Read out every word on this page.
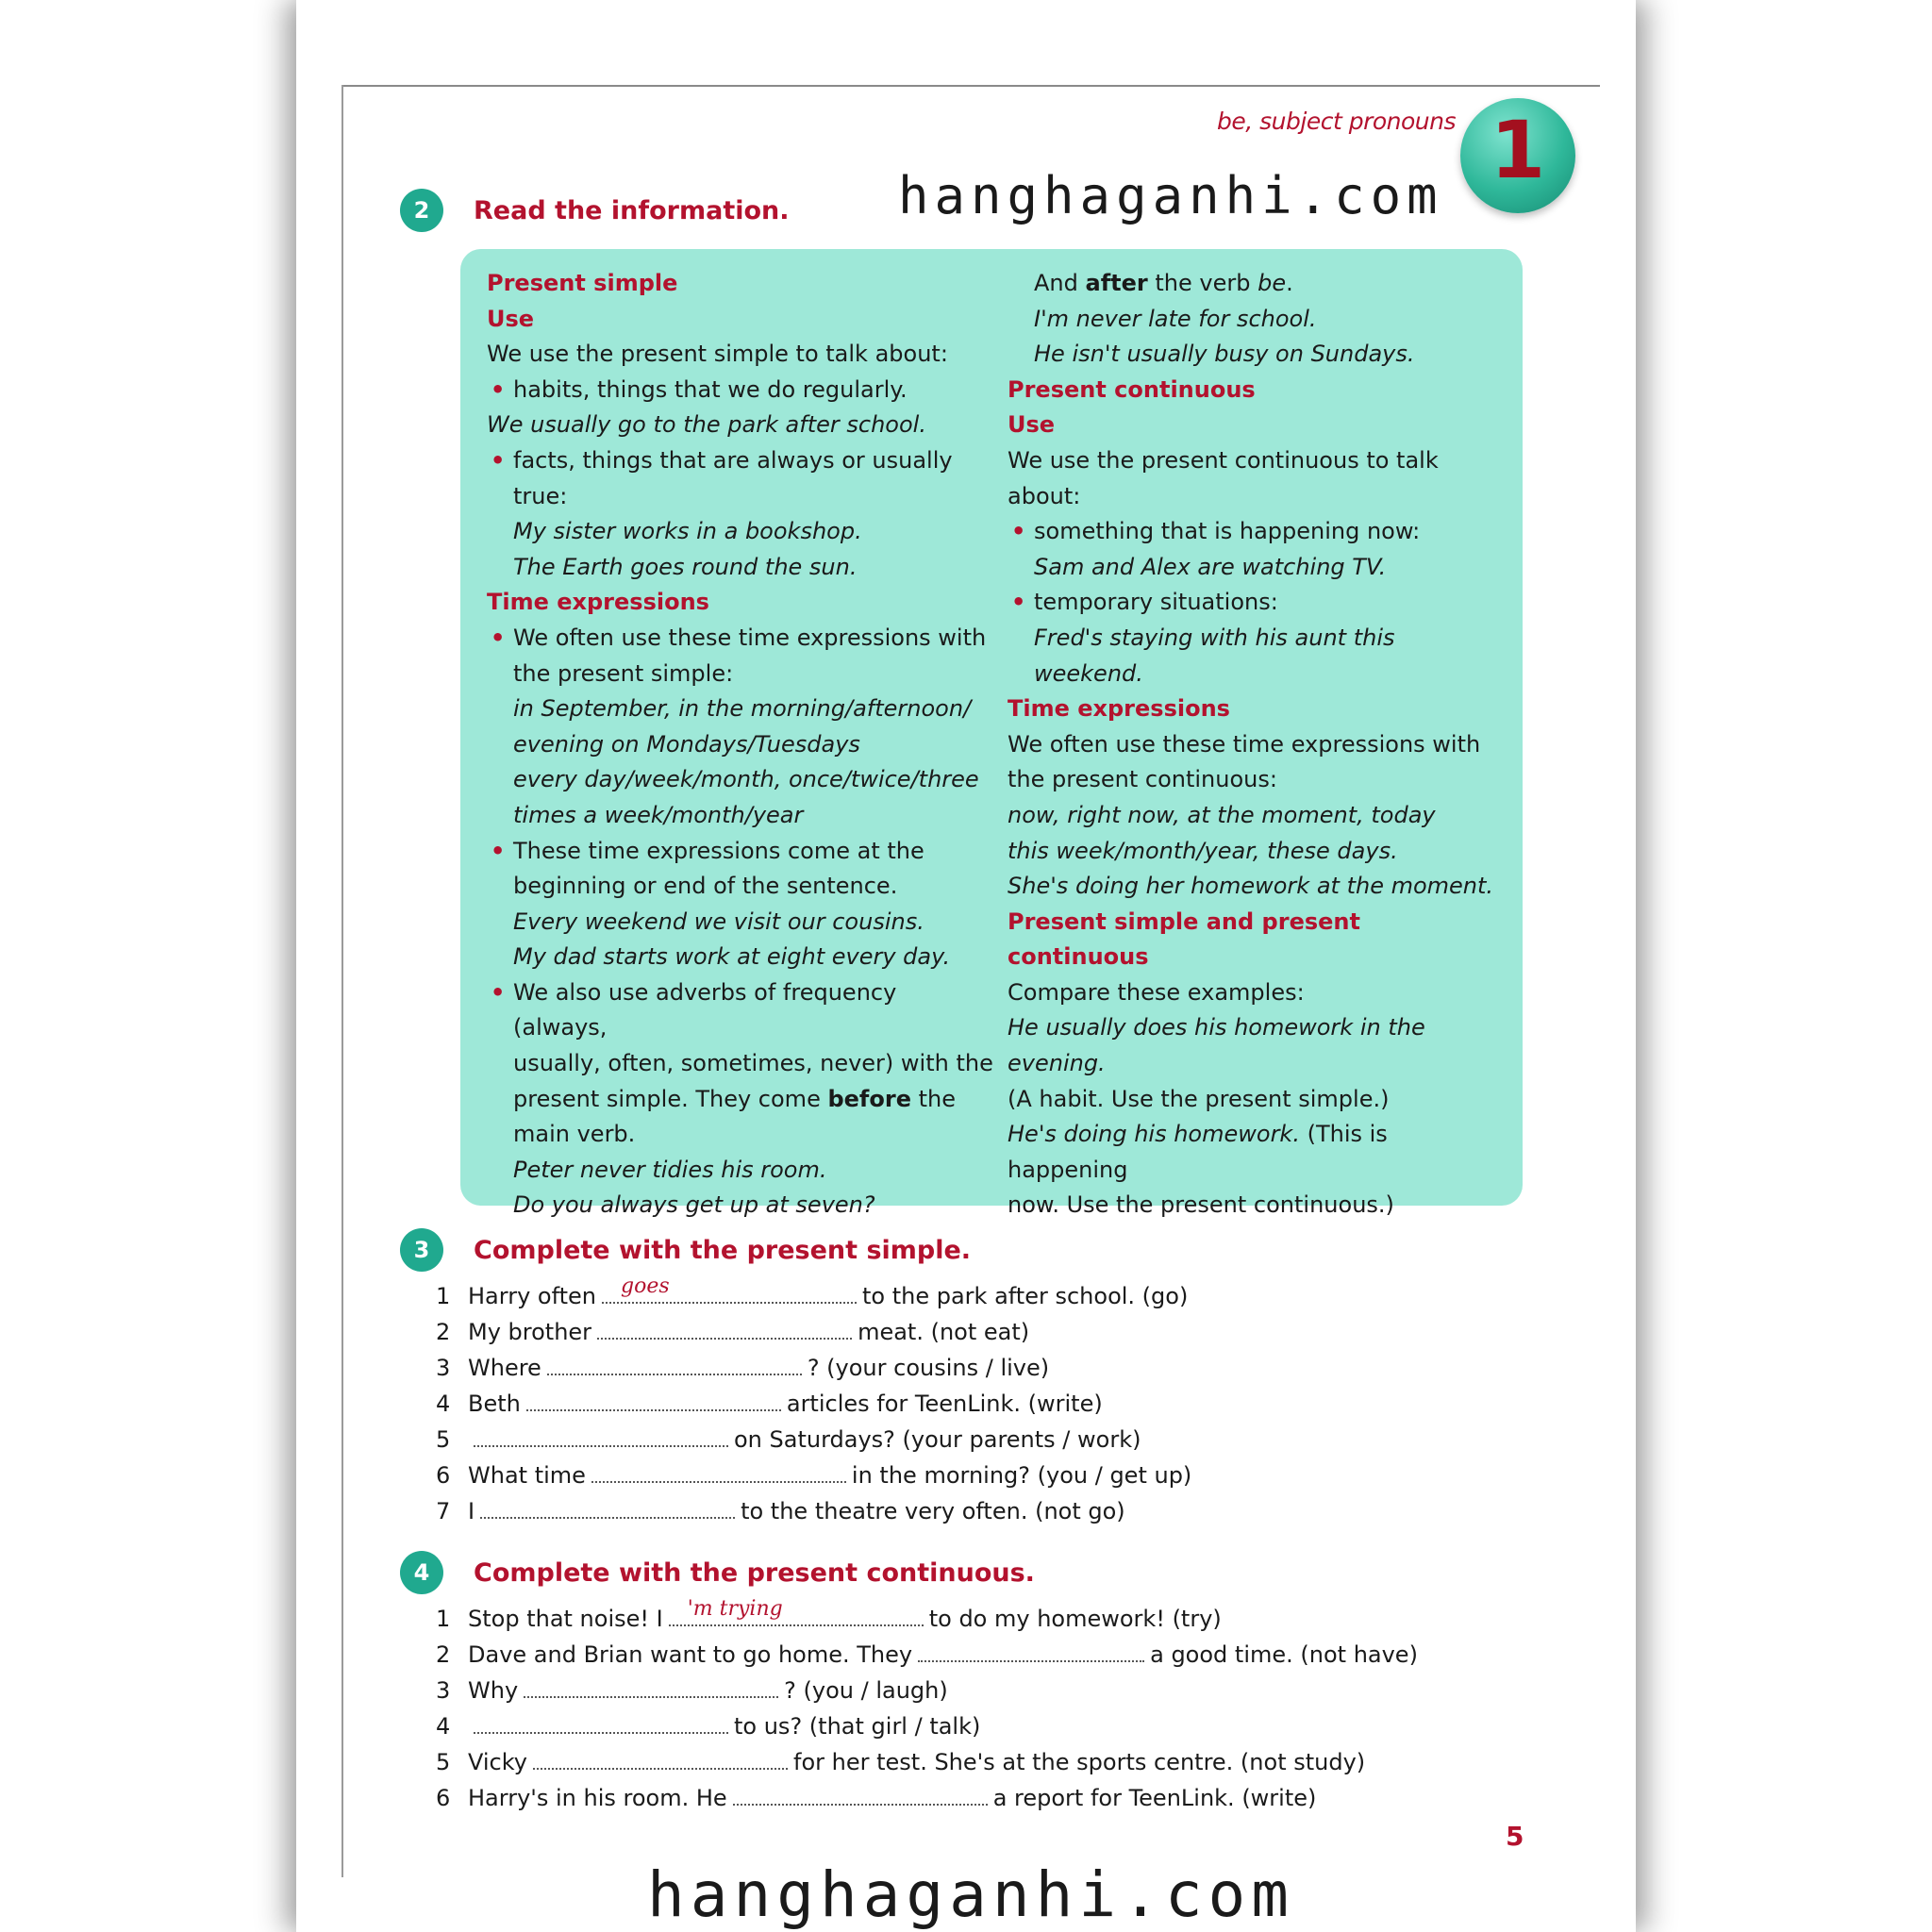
be, subject pronouns 1
hanghaganhi.com
2	Read the information.
Present simple
Use
We use the present simple to talk about:
• habits, things that we do regularly.
We usually go to the park after school.
• facts, things that are always or usually
true:
My sister works in a bookshop.
The Earth goes round the sun.
Time expressions
• We often use these time expressions with
the present simple:
in September, in the morning/afternoon/
evening on Mondays/Tuesdays
every day/week/month, once/twice/three
times a week/month/year
• These time expressions come at the
beginning or end of the sentence.
Every weekend we visit our cousins.
My dad starts work at eight every day.
• We also use adverbs of frequency (always,
usually, often, sometimes, never) with the
present simple. They come before the
main verb.
Peter never tidies his room.
Do you always get up at seven?
And after the verb be.
I'm never late for school.
He isn't usually busy on Sundays.
Present continuous
Use
We use the present continuous to talk
about:
• something that is happening now:
Sam and Alex are watching TV.
• temporary situations:
Fred's staying with his aunt this weekend.
Time expressions
We often use these time expressions with
the present continuous:
now, right now, at the moment, today
this week/month/year, these days.
She's doing her homework at the moment.
Present simple and present continuous
Compare these examples:
He usually does his homework in the evening.
(A habit. Use the present simple.)
He's doing his homework. (This is happening
now. Use the present continuous.)
3	Complete with the present simple.
1 Harry often goes	to the park after school. (go)
2 My brother	meat. (not eat)
3 Where	? (your cousins / live)
4 Beth	articles for TeenLink. (write)
5	on Saturdays? (your parents / work)
6 What time	in the morning? (you / get up)
7 I	to the theatre very often. (not go)
4	Complete with the present continuous.
1 Stop that noise! I 'm trying	to do my homework! (try)
2 Dave and Brian want to go home. They	a good time. (not have)
3 Why	? (you / laugh)
4	to us? (that girl / talk)
5 Vicky	for her test. She's at the sports centre. (not study)
6 Harry's in his room. He	a report for TeenLink. (write)
5
hanghaganhi.com
